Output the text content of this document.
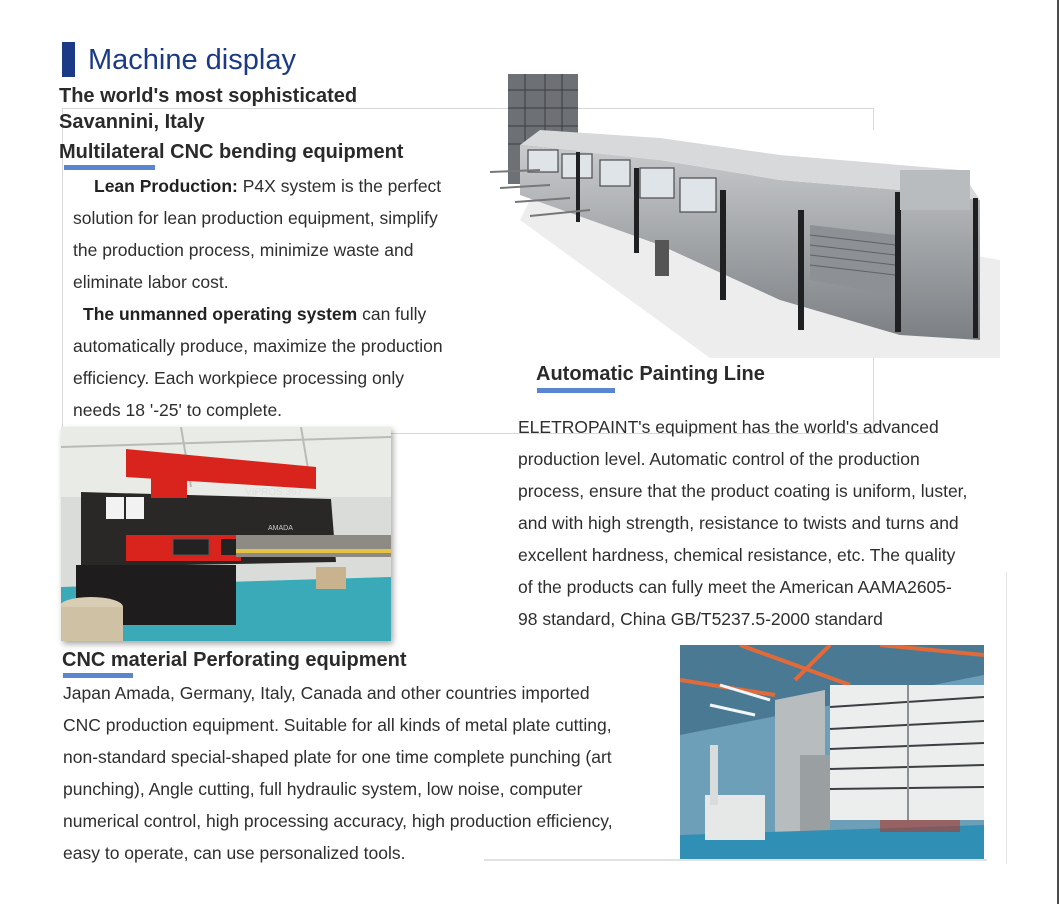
Machine display
The world's most sophisticated
Savannini, Italy
Multilateral CNC bending equipment
Lean Production: P4X system is the perfect
solution for lean production equipment, simplify
the production process, minimize waste and
eliminate labor cost.
The unmanned operating system can fully
automatically produce, maximize the production
efficiency. Each workpiece processing only
needs 18 '-25' to complete.
Automatic Painting Line
ELETROPAINT's equipment has the world's advanced
production level. Automatic control of the production
process, ensure that the product coating is uniform, luster,
and with high strength, resistance to twists and turns and
excellent hardness, chemical resistance, etc. The quality
of the products can fully meet the American AAMA2605-
98 standard, China GB/T5237.5-2000 standard
VIPROS 367
AMADA
CNC material Perforating equipment
Japan Amada, Germany, Italy, Canada and other countries imported
CNC production equipment. Suitable for all kinds of metal plate cutting,
non-standard special-shaped plate for one time complete punching (art
punching), Angle cutting, full hydraulic system, low noise, computer
numerical control, high processing accuracy, high production efficiency,
easy to operate, can use personalized tools.
